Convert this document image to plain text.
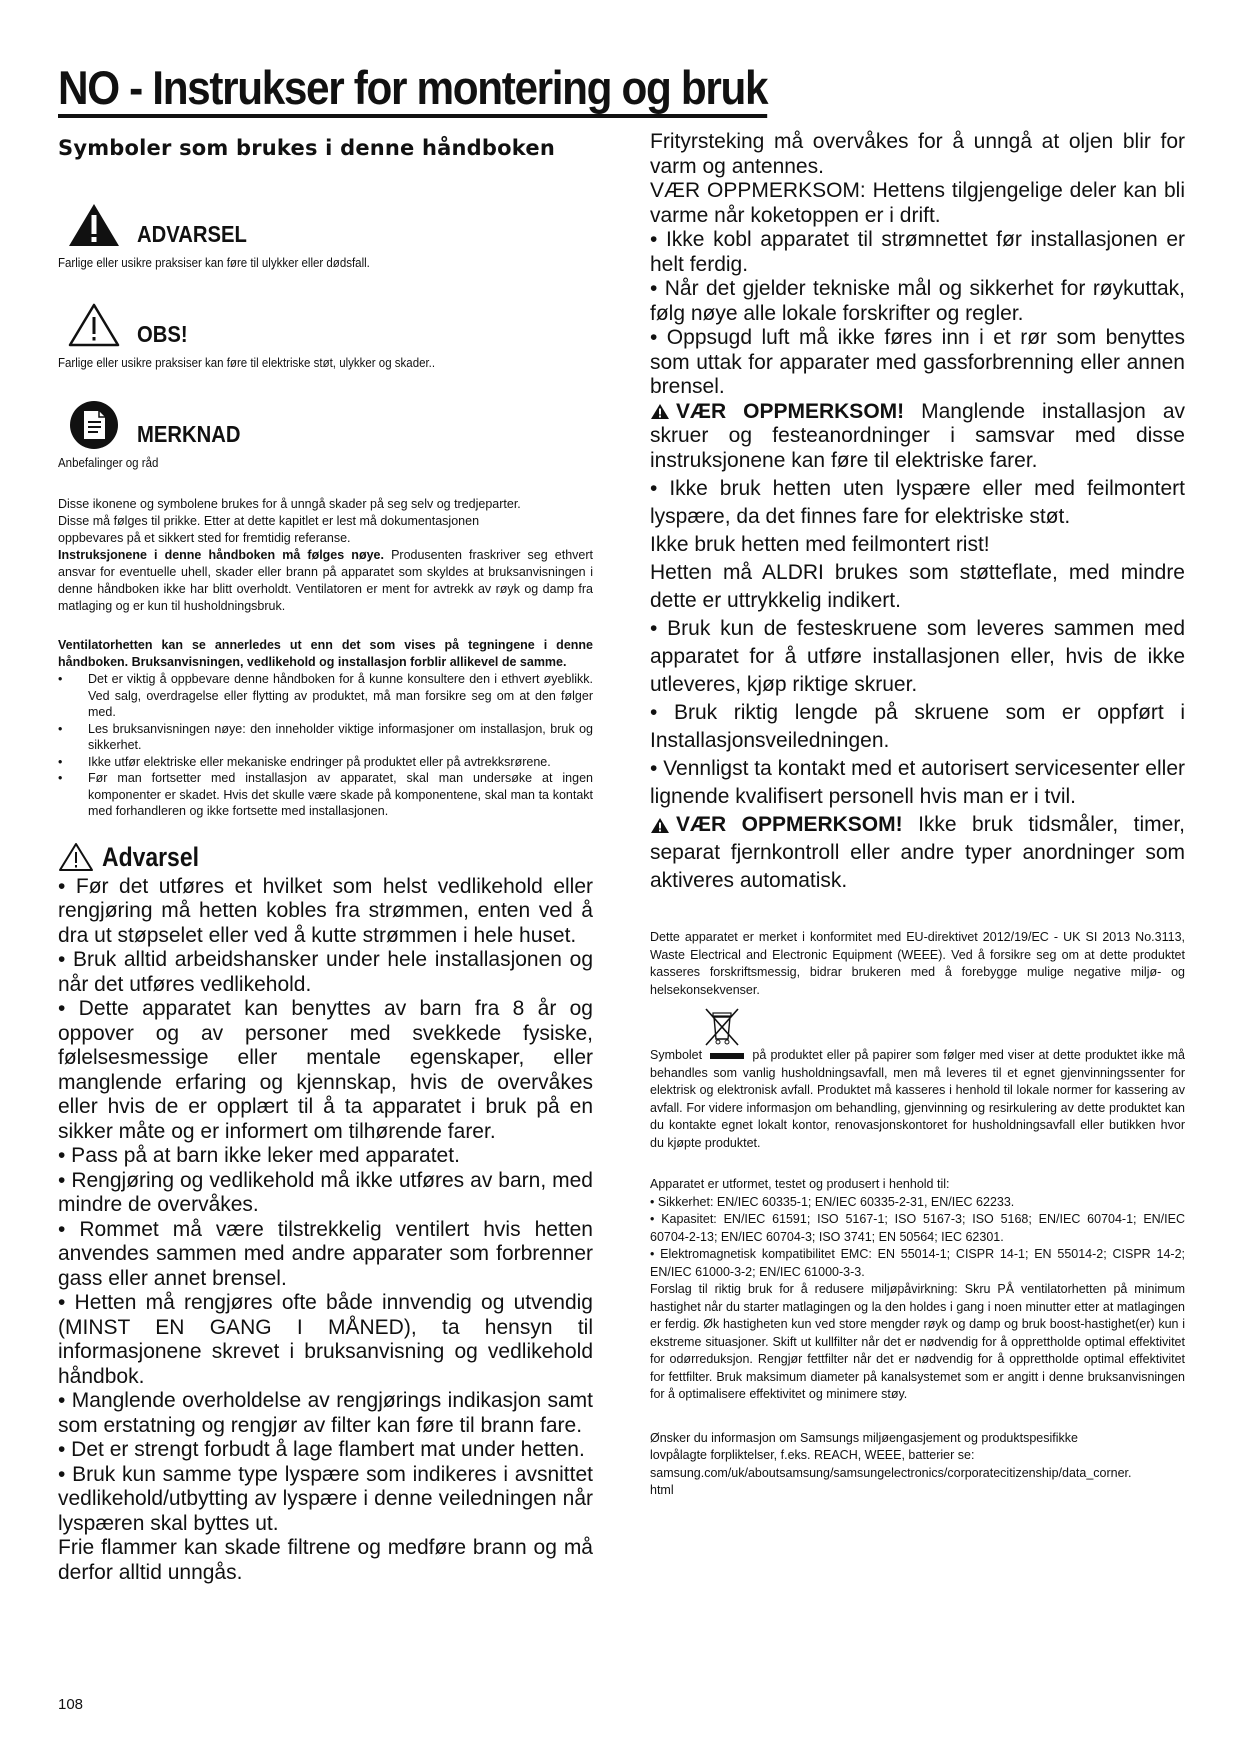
NO - Instrukser for montering og bruk
Symboler som brukes i denne håndboken
ADVARSEL
Farlige eller usikre praksiser kan føre til ulykker eller dødsfall.
OBS!
Farlige eller usikre praksiser kan føre til elektriske støt, ulykker og skader..
MERKNAD
Anbefalinger og råd

Disse ikonene og symbolene brukes for å unngå skader på seg selv og tredjeparter.

Disse må følges til prikke. Etter at dette kapitlet er lest må dokumentasjonen

oppbevares på et sikkert sted for fremtidig referanse.

Instruksjonene i denne håndboken må følges nøye. Produsenten fraskriver seg ethvert ansvar for eventuelle uhell, skader eller brann på apparatet som skyldes at bruksanvisningen i denne håndboken ikke har blitt overholdt. Ventilatoren er ment for avtrekk av røyk og damp fra matlaging og er kun til husholdningsbruk.

Ventilatorhetten kan se annerledes ut enn det som vises på tegningene i denne håndboken. Bruksanvisningen, vedlikehold og installasjon forblir allikevel de samme.
•	Det er viktig å oppbevare denne håndboken for å kunne konsultere den i ethvert øyeblikk. Ved salg, overdragelse eller flytting av produktet, må man forsikre seg om at den følger med.
•	Les bruksanvisningen nøye: den inneholder viktige informasjoner om installasjon, bruk og sikkerhet.
•	Ikke utfør elektriske eller mekaniske endringer på produktet eller på avtrekksrørene.
•	Før man fortsetter med installasjon av apparatet, skal man undersøke at ingen komponenter er skadet. Hvis det skulle være skade på komponentene, skal man ta kontakt med forhandleren og ikke fortsette med installasjonen.
Advarsel

• Før det utføres et hvilket som helst vedlikehold eller rengjøring må hetten kobles fra strømmen, enten ved å dra ut støpselet eller ved å kutte strømmen i hele huset.

• Bruk alltid arbeidshansker under hele installasjonen og når det utføres vedlikehold.

• Dette apparatet kan benyttes av barn fra 8 år og oppover og av personer med svekkede fysiske, følelsesmessige eller mentale egenskaper, eller manglende erfaring og kjennskap, hvis de overvåkes eller hvis de er opplært til å ta apparatet i bruk på en sikker måte og er informert om tilhørende farer.

• Pass på at barn ikke leker med apparatet.

• Rengjøring og vedlikehold må ikke utføres av barn, med mindre de overvåkes.

• Rommet må være tilstrekkelig ventilert hvis hetten anvendes sammen med andre apparater som forbrenner gass eller annet brensel.

• Hetten må rengjøres ofte både innvendig og utvendig (MINST EN GANG I MÅNED), ta hensyn til informasjonene skrevet i bruksanvisning og vedlikehold håndbok.

• Manglende overholdelse av rengjørings indikasjon samt som erstatning og rengjør av filter kan føre til brann fare.

• Det er strengt forbudt å lage flambert mat under hetten.

• Bruk kun samme type lyspære som indikeres i avsnittet vedlikehold/utbytting av lyspære i denne veiledningen når lyspæren skal byttes ut.

Frie flammer kan skade filtrene og medføre brann og må derfor alltid unngås.

Frityrsteking må overvåkes for å unngå at oljen blir for varm og antennes.

VÆR OPPMERKSOM: Hettens tilgjengelige deler kan bli varme når koketoppen er i drift.

• Ikke kobl apparatet til strømnettet før installasjonen er helt ferdig.

• Når det gjelder tekniske mål og sikkerhet for røykuttak, følg nøye alle lokale forskrifter og regler.

• Oppsugd luft må ikke føres inn i et rør som benyttes som uttak for apparater med gassforbrenning eller annen brensel.

VÆR OPPMERKSOM! Manglende installasjon av skruer og festeanordninger i samsvar med disse instruksjonene kan føre til elektriske farer.

• Ikke bruk hetten uten lyspære eller med feilmontert lyspære, da det finnes fare for elektriske støt.

Ikke bruk hetten med feilmontert rist!

Hetten må ALDRI brukes som støtteflate, med mindre dette er uttrykkelig indikert.

• Bruk kun de festeskruene som leveres sammen med apparatet for å utføre installasjonen eller, hvis de ikke utleveres, kjøp riktige skruer.

• Bruk riktig lengde på skruene som er oppført i Installasjonsveiledningen.

• Vennligst ta kontakt med et autorisert servicesenter eller lignende kvalifisert personell hvis man er i tvil.

VÆR OPPMERKSOM! Ikke bruk tidsmåler, timer, separat fjernkontroll eller andre typer anordninger som aktiveres automatisk.

Dette apparatet er merket i konformitet med EU-direktivet 2012/19/EC - UK SI 2013 No.3113, Waste Electrical and Electronic Equipment (WEEE). Ved å forsikre seg om at dette produktet kasseres forskriftsmessig, bidrar brukeren med å forebygge mulige negative miljø- og helsekonsekvenser.

Symbolet	på produktet eller på papirer som følger med viser at dette produktet ikke må behandles som vanlig husholdningsavfall, men må leveres til et egnet gjenvinningssenter for elektrisk og elektronisk avfall. Produktet må kasseres i henhold til lokale normer for kassering av avfall. For videre informasjon om behandling, gjenvinning og resirkulering av dette produktet kan du kontakte egnet lokalt kontor, renovasjonskontoret for husholdningsavfall eller butikken hvor du kjøpte produktet.

Apparatet er utformet, testet og produsert i henhold til:

• Sikkerhet: EN/IEC 60335-1; EN/IEC 60335-2-31, EN/IEC 62233.

• Kapasitet: EN/IEC 61591; ISO 5167-1; ISO 5167-3; ISO 5168; EN/IEC 60704-1; EN/IEC 60704-2-13; EN/IEC 60704-3; ISO 3741; EN 50564; IEC 62301.

• Elektromagnetisk kompatibilitet EMC: EN 55014-1; CISPR 14-1; EN 55014-2; CISPR 14-2; EN/IEC 61000-3-2; EN/IEC 61000-3-3.

Forslag til riktig bruk for å redusere miljøpåvirkning: Skru PÅ ventilatorhetten på minimum hastighet når du starter matlagingen og la den holdes i gang i noen minutter etter at matlagingen er ferdig. Øk hastigheten kun ved store mengder røyk og damp og bruk boost-hastighet(er) kun i ekstreme situasjoner. Skift ut kullfilter når det er nødvendig for å opprettholde optimal effektivitet for odørreduksjon. Rengjør fettfilter når det er nødvendig for å opprettholde optimal effektivitet for fettfilter. Bruk maksimum diameter på kanalsystemet som er angitt i denne bruksanvisningen for å optimalisere effektivitet og minimere støy.

Ønsker du informasjon om Samsungs miljøengasjement og produktspesifikke

lovpålagte forpliktelser, f.eks. REACH, WEEE, batterier se:

samsung.com/uk/aboutsamsung/samsungelectronics/corporatecitizenship/data_corner.

html

108
